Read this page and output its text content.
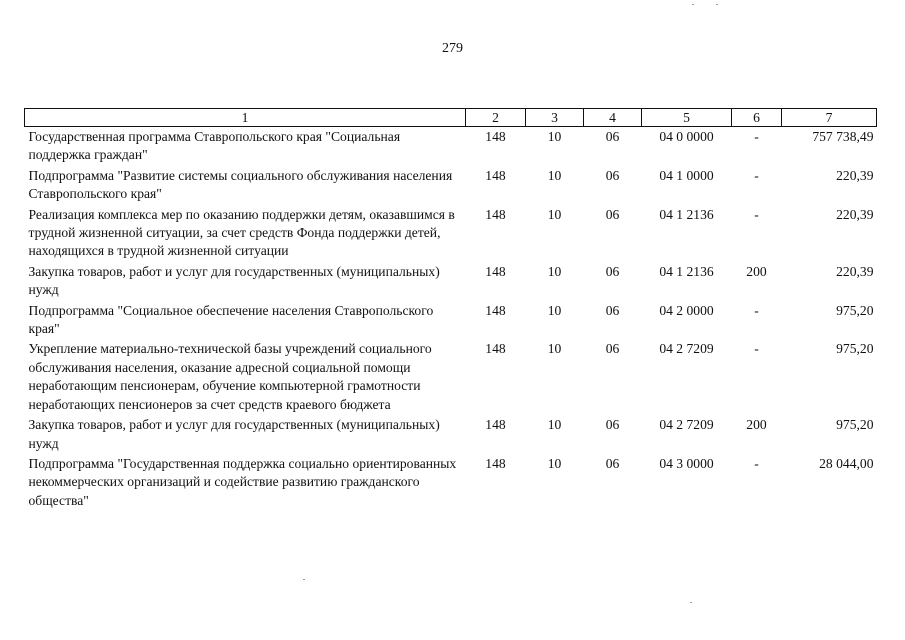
279
1	2	3	4	5	6	7
Государственная программа Ставропольского края "Социальная поддержка граждан"	148	10	06	04 0 0000	-	757 738,49
Подпрограмма "Развитие системы социального обслуживания населения Ставропольского края"	148	10	06	04 1 0000	-	220,39
Реализация комплекса мер по оказанию поддержки детям, оказавшимся в трудной жизненной ситуации, за счет средств Фонда поддержки детей, находящихся в трудной жизненной ситуации	148	10	06	04 1 2136	-	220,39
Закупка товаров, работ и услуг для государственных (муниципальных) нужд	148	10	06	04 1 2136	200	220,39
Подпрограмма "Социальное обеспечение населения Ставропольского края"	148	10	06	04 2 0000	-	975,20
Укрепление материально-технической базы учреждений социального обслуживания населения, оказание адресной социальной помощи неработающим пенсионерам, обучение компьютерной грамотности неработающих пенсионеров за счет средств краевого бюджета	148	10	06	04 2 7209	-	975,20
Закупка товаров, работ и услуг для государственных (муниципальных) нужд	148	10	06	04 2 7209	200	975,20
Подпрограмма "Государственная поддержка социально ориентированных некоммерческих организаций и содействие развитию гражданского общества"	148	10	06	04 3 0000	-	28 044,00
